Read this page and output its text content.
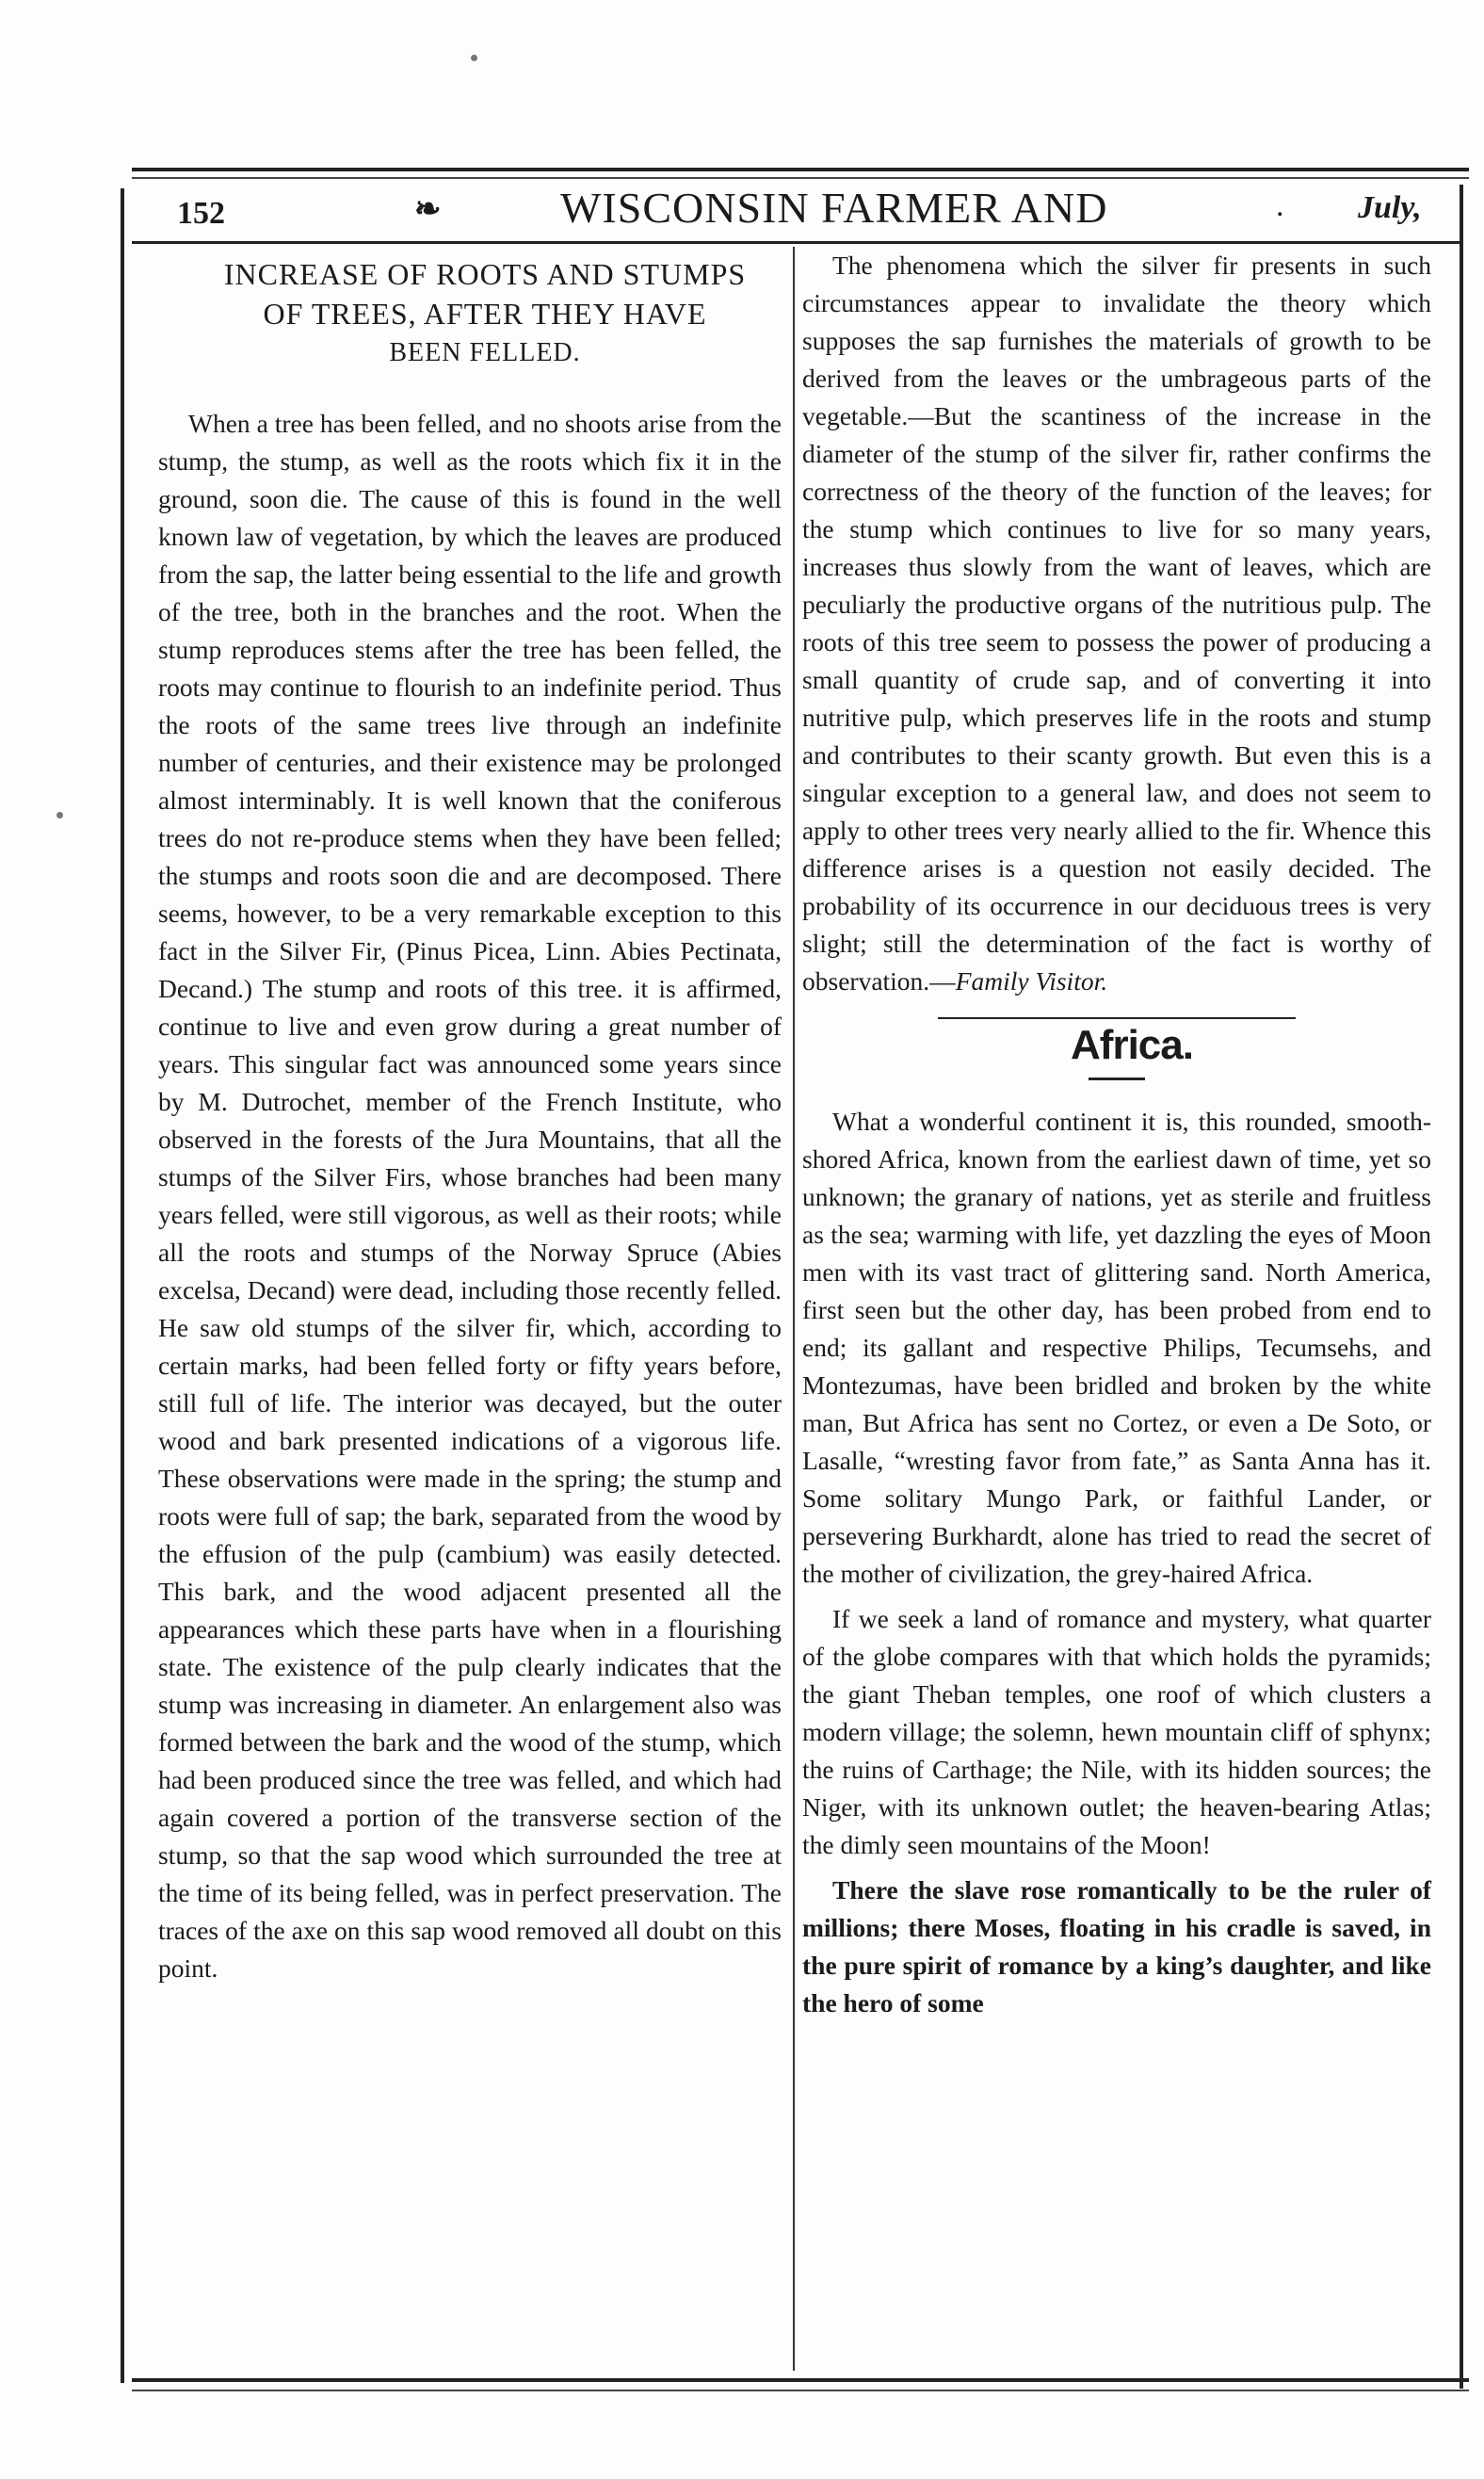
152	❧	WISCONSIN FARMER AND	. July,

INCREASE OF ROOTS AND STUMPS

OF TREES, AFTER THEY HAVE

BEEN FELLED.

When a tree has been felled, and no shoots arise from the stump, the stump, as well as the roots which fix it in the ground, soon die. The cause of this is found in the well known law of vegetation, by which the leaves are produced from the sap, the latter being essential to the life and growth of the tree, both in the branches and the root. When the stump reproduces stems after the tree has been felled, the roots may continue to flourish to an indefinite period. Thus the roots of the same trees live through an indefinite number of centuries, and their existence may be prolonged almost interminably. It is well known that the coniferous trees do not re-produce stems when they have been felled; the stumps and roots soon die and are decomposed. There seems, however, to be a very remarkable exception to this fact in the Silver Fir, (Pinus Picea, Linn. Abies Pectinata, Decand.) The stump and roots of this tree. it is affirmed, continue to live and even grow during a great number of years. This singular fact was announced some years since by M. Dutrochet, member of the French Institute, who observed in the forests of the Jura Mountains, that all the stumps of the Silver Firs, whose branches had been many years felled, were still vigorous, as well as their roots; while all the roots and stumps of the Norway Spruce (Abies excelsa, Decand) were dead, including those recently felled. He saw old stumps of the silver fir, which, according to certain marks, had been felled forty or fifty years before, still full of life. The interior was decayed, but the outer wood and bark presented indications of a vigorous life. These observations were made in the spring; the stump and roots were full of sap; the bark, separated from the wood by the effusion of the pulp (cambium) was easily detected. This bark, and the wood adjacent presented all the appearances which these parts have when in a flourishing state. The existence of the pulp clearly indicates that the stump was increasing in diameter. An enlargement also was formed between the bark and the wood of the stump, which had been produced since the tree was felled, and which had again covered a portion of the transverse section of the stump, so that the sap wood which surrounded the tree at the time of its being felled, was in perfect preservation. The traces of the axe on this sap wood removed all doubt on this point.

The phenomena which the silver fir presents in such circumstances appear to invalidate the theory which supposes the sap furnishes the materials of growth to be derived from the leaves or the umbrageous parts of the vegetable.—But the scantiness of the increase in the diameter of the stump of the silver fir, rather confirms the correctness of the theory of the function of the leaves; for the stump which continues to live for so many years, increases thus slowly from the want of leaves, which are peculiarly the productive organs of the nutritious pulp. The roots of this tree seem to possess the power of producing a small quantity of crude sap, and of converting it into nutritive pulp, which preserves life in the roots and stump and contributes to their scanty growth. But even this is a singular exception to a general law, and does not seem to apply to other trees very nearly allied to the fir. Whence this difference arises is a question not easily decided. The probability of its occurrence in our deciduous trees is very slight; still the determination of the fact is worthy of observation.—Family Visitor.

Africa.

What a wonderful continent it is, this rounded, smooth-shored Africa, known from the earliest dawn of time, yet so unknown; the granary of nations, yet as sterile and fruitless as the sea; warming with life, yet dazzling the eyes of Moon men with its vast tract of glittering sand. North America, first seen but the other day, has been probed from end to end; its gallant and respective Philips, Tecumsehs, and Montezumas, have been bridled and broken by the white man, But Africa has sent no Cortez, or even a De Soto, or Lasalle, “wresting favor from fate,” as Santa Anna has it. Some solitary Mungo Park, or faithful Lander, or persevering Burkhardt, alone has tried to read the secret of the mother of civilization, the grey-haired Africa.

If we seek a land of romance and mystery, what quarter of the globe compares with that which holds the pyramids; the giant Theban temples, one roof of which clusters a modern village; the solemn, hewn mountain cliff of sphynx; the ruins of Carthage; the Nile, with its hidden sources; the Niger, with its unknown outlet; the heaven-bearing Atlas; the dimly seen mountains of the Moon!

There the slave rose romantically to be the ruler of millions; there Moses, floating in his cradle is saved, in the pure spirit of romance by a king’s daughter, and like the hero of some
